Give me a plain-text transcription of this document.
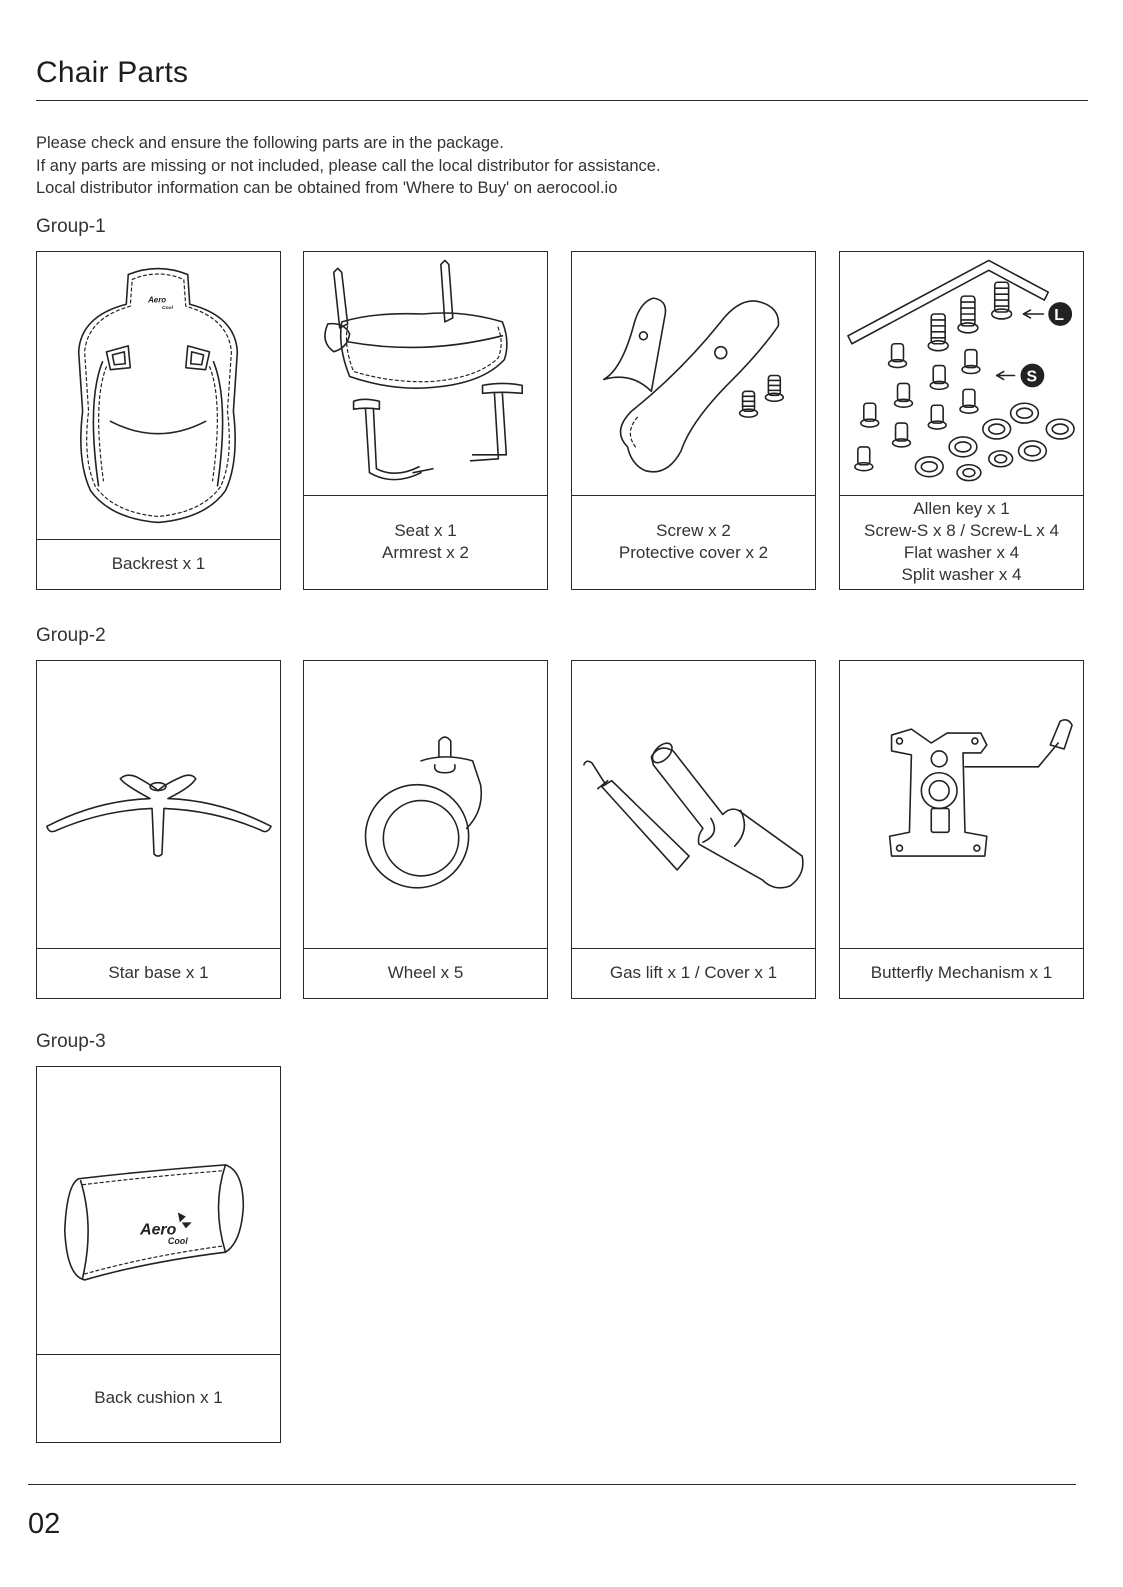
Chair Parts
Please check and ensure the following parts are in the package.
If any parts are missing or not included, please call the local distributor for assistance.
Local distributor information can be obtained from 'Where to Buy' on aerocool.io
Group-1
Aero
Cool
Backrest x 1
Seat x 1
Armrest x 2
Screw x 2
Protective cover x 2
L
S
Allen key x 1
Screw-S x 8 / Screw-L x 4
Flat washer x 4
Split washer x 4
Group-2
Star base x 1	Wheel x 5	Gas lift x 1 / Cover x 1	Butterfly Mechanism x 1
Group-3
Aero
Cool
Back cushion x 1
02
